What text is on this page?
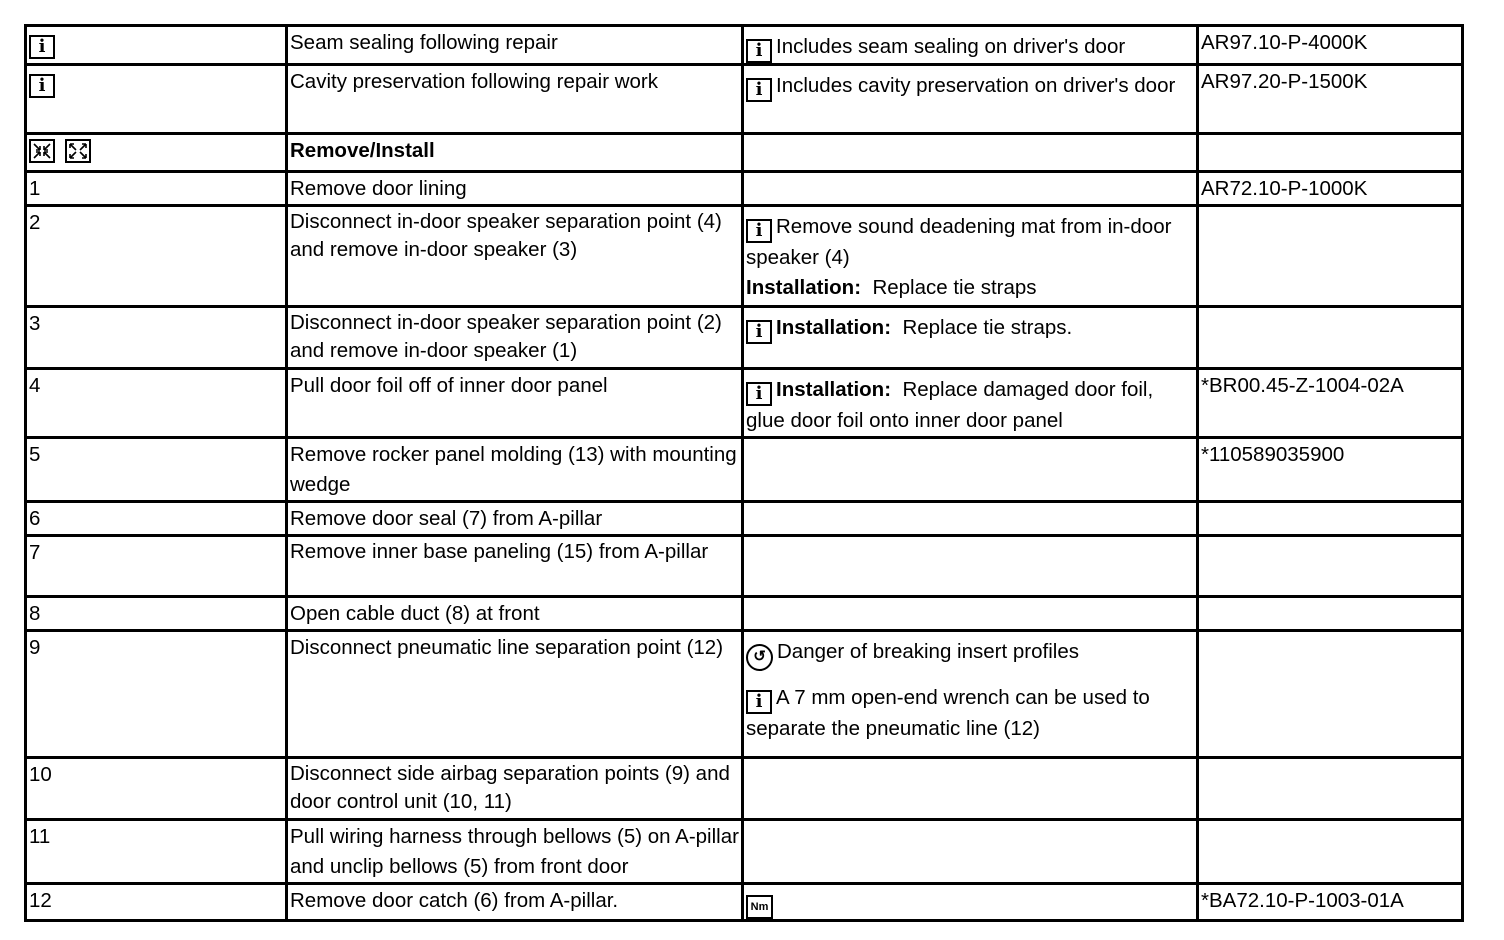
i	Seam sealing following repair	i Includes seam sealing on driver's door	AR97.10-P-4000K
i	Cavity preservation following repair work	i Includes cavity preservation on driver's door	AR97.20-P-1500K

	Remove/Install		
1	Remove door lining		AR72.10-P-1000K
2	Disconnect in-door speaker separation point (4) and remove in-door speaker (3)	i Remove sound deadening mat from in-door speaker (4)
Installation: Replace tie straps	
3	Disconnect in-door speaker separation point (2) and remove in-door speaker (1)	i Installation: Replace tie straps.	
4	Pull door foil off of inner door panel	i Installation: Replace damaged door foil, glue door foil onto inner door panel	*BR00.45-Z-1004-02A
5	Remove rocker panel molding (13) with mounting wedge		*110589035900
6	Remove door seal (7) from A-pillar		
7	Remove inner base paneling (15) from A-pillar		
8	Open cable duct (8) at front		
9	Disconnect pneumatic line separation point (12)	↺ Danger of breaking insert profiles
i A 7 mm open-end wrench can be used to separate the pneumatic line (12)	
10	Disconnect side airbag separation points (9) and door control unit (10, 11)		
11	Pull wiring harness through bellows (5) on A-pillar and unclip bellows (5) from front door		
12	Remove door catch (6) from A-pillar.	Nm	*BA72.10-P-1003-01A
